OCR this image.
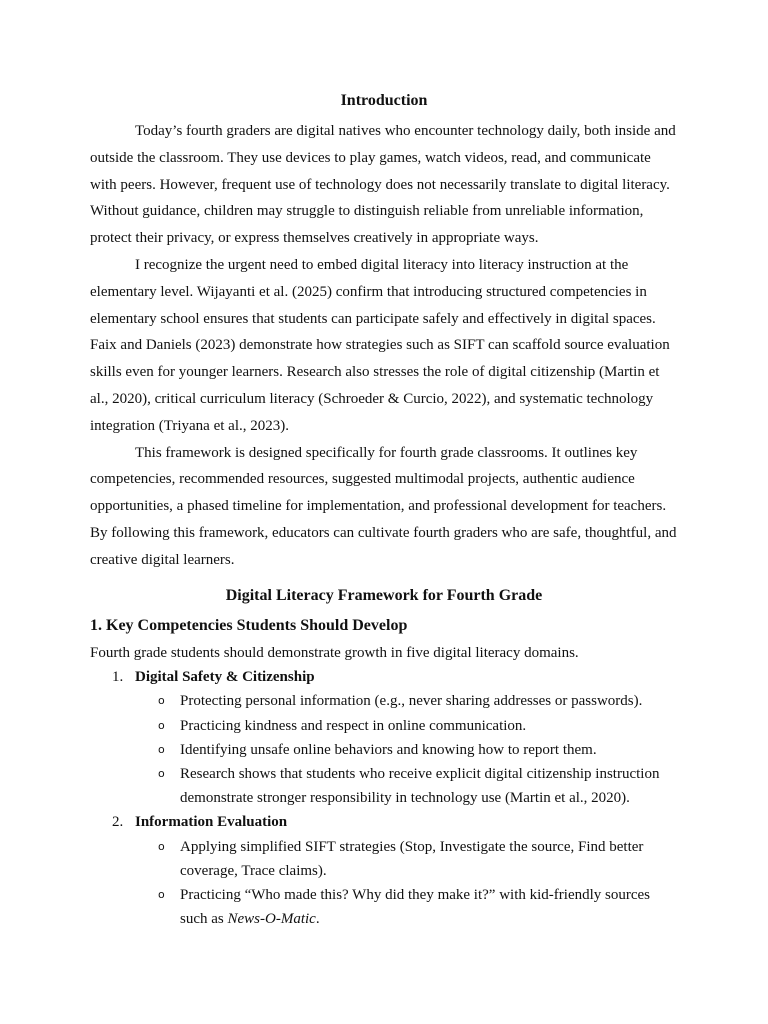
Introduction

Today’s fourth graders are digital natives who encounter technology daily, both inside and outside the classroom. They use devices to play games, watch videos, read, and communicate with peers. However, frequent use of technology does not necessarily translate to digital literacy. Without guidance, children may struggle to distinguish reliable from unreliable information, protect their privacy, or express themselves creatively in appropriate ways.

I recognize the urgent need to embed digital literacy into literacy instruction at the elementary level. Wijayanti et al. (2025) confirm that introducing structured competencies in elementary school ensures that students can participate safely and effectively in digital spaces. Faix and Daniels (2023) demonstrate how strategies such as SIFT can scaffold source evaluation skills even for younger learners. Research also stresses the role of digital citizenship (Martin et al., 2020), critical curriculum literacy (Schroeder & Curcio, 2022), and systematic technology integration (Triyana et al., 2023).

This framework is designed specifically for fourth grade classrooms. It outlines key competencies, recommended resources, suggested multimodal projects, authentic audience opportunities, a phased timeline for implementation, and professional development for teachers. By following this framework, educators can cultivate fourth graders who are safe, thoughtful, and creative digital learners.

Digital Literacy Framework for Fourth Grade
1. Key Competencies Students Should Develop

Fourth grade students should demonstrate growth in five digital literacy domains.

1. Digital Safety & Citizenship
o Protecting personal information (e.g., never sharing addresses or passwords).
o Practicing kindness and respect in online communication.
o Identifying unsafe online behaviors and knowing how to report them.
o Research shows that students who receive explicit digital citizenship instruction demonstrate stronger responsibility in technology use (Martin et al., 2020).
2. Information Evaluation
o Applying simplified SIFT strategies (Stop, Investigate the source, Find better coverage, Trace claims).
o Practicing “Who made this? Why did they make it?” with kid-friendly sources such as News-O-Matic.
